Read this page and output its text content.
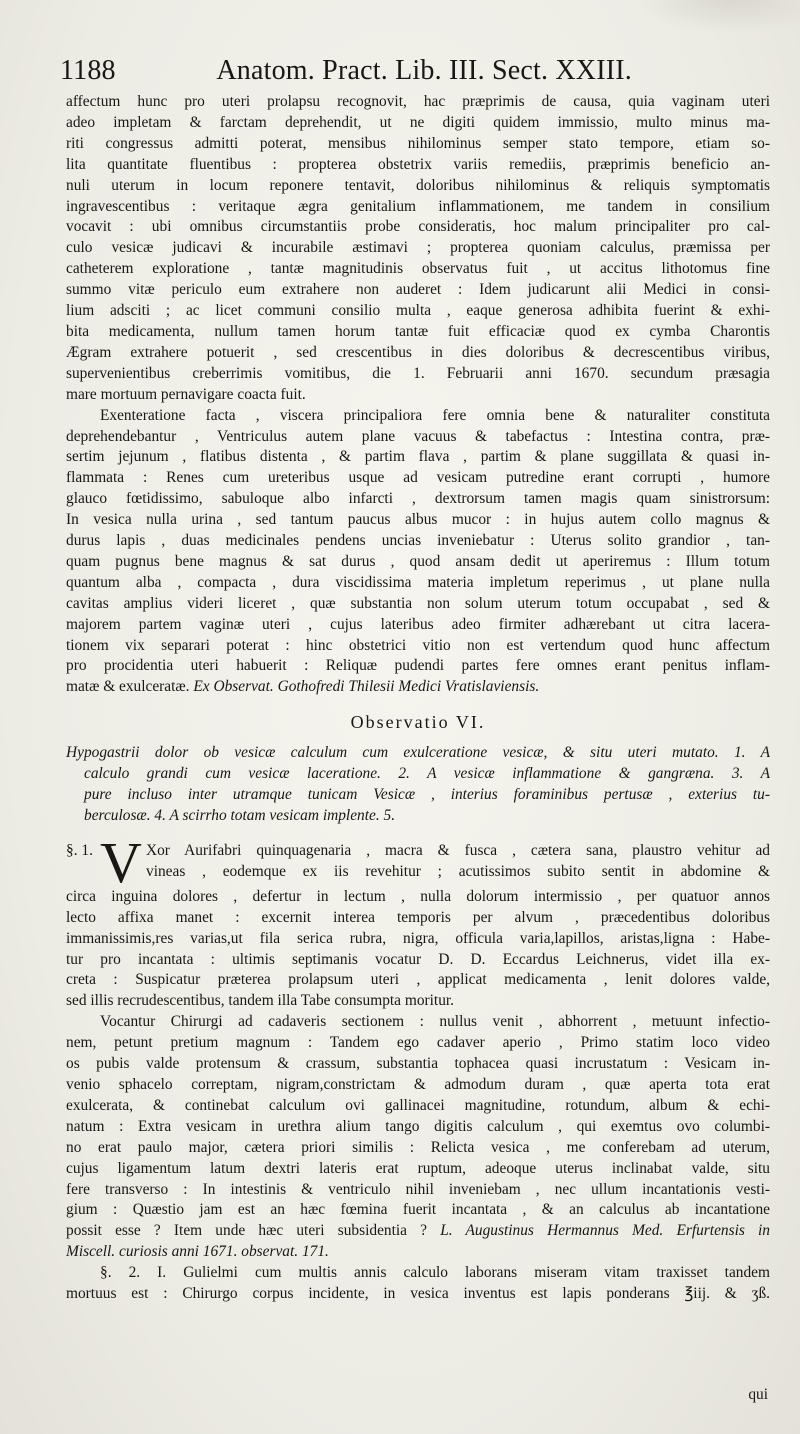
1188	Anatom. Pract. Lib. III. Sect. XXIII.
affectum hunc pro uteri prolapsu recognovit, hac præprimis de causa, quia vaginam uteri
adeo impletam & farctam deprehendit, ut ne digiti quidem immissio, multo minus ma-
riti congressus admitti poterat, mensibus nihilominus semper stato tempore, etiam so-
lita quantitate fluentibus : propterea obstetrix variis remediis, præprimis beneficio an-
nuli uterum in locum reponere tentavit, doloribus nihilominus & reliquis symptomatis
ingravescentibus : veritaque ægra genitalium inflammationem, me tandem in consilium
vocavit : ubi omnibus circumstantiis probe consideratis, hoc malum principaliter pro cal-
culo vesicæ judicavi & incurabile æstimavi ; propterea quoniam calculus, præmissa per
catheterem exploratione , tantæ magnitudinis observatus fuit , ut accitus lithotomus fine
summo vitæ periculo eum extrahere non auderet : Idem judicarunt alii Medici in consi-
lium adsciti ; ac licet communi consilio multa , eaque generosa adhibita fuerint & exhi-
bita medicamenta, nullum tamen horum tantæ fuit efficaciæ quod ex cymba Charontis
Ægram extrahere potuerit , sed crescentibus in dies doloribus & decrescentibus viribus,
supervenientibus creberrimis vomitibus, die 1. Februarii anni 1670. secundum præsagia
mare mortuum pernavigare coacta fuit.
Exenteratione facta , viscera principaliora fere omnia bene & naturaliter constituta
deprehendebantur , Ventriculus autem plane vacuus & tabefactus : Intestina contra, præ-
sertim jejunum , flatibus distenta , & partim flava , partim & plane suggillata & quasi in-
flammata : Renes cum ureteribus usque ad vesicam putredine erant corrupti , humore
glauco fœtidissimo, sabuloque albo infarcti , dextrorsum tamen magis quam sinistrorsum:
In vesica nulla urina , sed tantum paucus albus mucor : in hujus autem collo magnus &
durus lapis , duas medicinales pendens uncias inveniebatur : Uterus solito grandior , tan-
quam pugnus bene magnus & sat durus , quod ansam dedit ut aperiremus : Illum totum
quantum alba , compacta , dura viscidissima materia impletum reperimus , ut plane nulla
cavitas amplius videri liceret , quæ substantia non solum uterum totum occupabat , sed &
majorem partem vaginæ uteri , cujus lateribus adeo firmiter adhærebant ut citra lacera-
tionem vix separari poterat : hinc obstetrici vitio non est vertendum quod hunc affectum
pro procidentia uteri habuerit : Reliquæ pudendi partes fere omnes erant penitus inflam-
matæ & exulceratæ. Ex Observat. Gothofredi Thilesii Medici Vratislaviensis.
Observatio VI.
Hypogastrii dolor ob vesicæ calculum cum exulceratione vesicæ, & situ uteri mutato. 1. A
calculo grandi cum vesicæ laceratione. 2. A vesicæ inflammatione & gangræna. 3. A
pure incluso inter utramque tunicam Vesicæ , interius foraminibus pertusæ , exterius tu-
berculosæ. 4. A scirrho totam vesicam implente. 5.
§. 1. V Xor Aurifabri quinquagenaria , macra & fusca , cætera sana, plaustro vehitur ad
vineas , eodemque ex iis revehitur ; acutissimos subito sentit in abdomine &
circa inguina dolores , defertur in lectum , nulla dolorum intermissio , per quatuor annos
lecto affixa manet : excernit interea temporis per alvum , præcedentibus doloribus
immanissimis,res varias,ut fila serica rubra, nigra, officula varia,lapillos, aristas,ligna : Habe-
tur pro incantata : ultimis septimanis vocatur D. D. Eccardus Leichnerus, videt illa ex-
creta : Suspicatur præterea prolapsum uteri , applicat medicamenta , lenit dolores valde,
sed illis recrudescentibus, tandem illa Tabe consumpta moritur.
Vocantur Chirurgi ad cadaveris sectionem : nullus venit , abhorrent , metuunt infectio-
nem, petunt pretium magnum : Tandem ego cadaver aperio , Primo statim loco video
os pubis valde protensum & crassum, substantia tophacea quasi incrustatum : Vesicam in-
venio sphacelo correptam, nigram,constrictam & admodum duram , quæ aperta tota erat
exulcerata, & continebat calculum ovi gallinacei magnitudine, rotundum, album & echi-
natum : Extra vesicam in urethra alium tango digitis calculum , qui exemtus ovo columbi-
no erat paulo major, cætera priori similis : Relicta vesica , me conferebam ad uterum,
cujus ligamentum latum dextri lateris erat ruptum, adeoque uterus inclinabat valde, situ
fere transverso : In intestinis & ventriculo nihil inveniebam , nec ullum incantationis vesti-
gium : Quæstio jam est an hæc fœmina fuerit incantata , & an calculus ab incantatione
possit esse ? Item unde hæc uteri subsidentia ? L. Augustinus Hermannus Med. Erfurtensis in
Miscell. curiosis anni 1671. observat. 171.
§. 2. I. Gulielmi cum multis annis calculo laborans miseram vitam traxisset tandem
mortuus est : Chirurgo corpus incidente, in vesica inventus est lapis ponderans ℥iij. & ʒß.
qui
